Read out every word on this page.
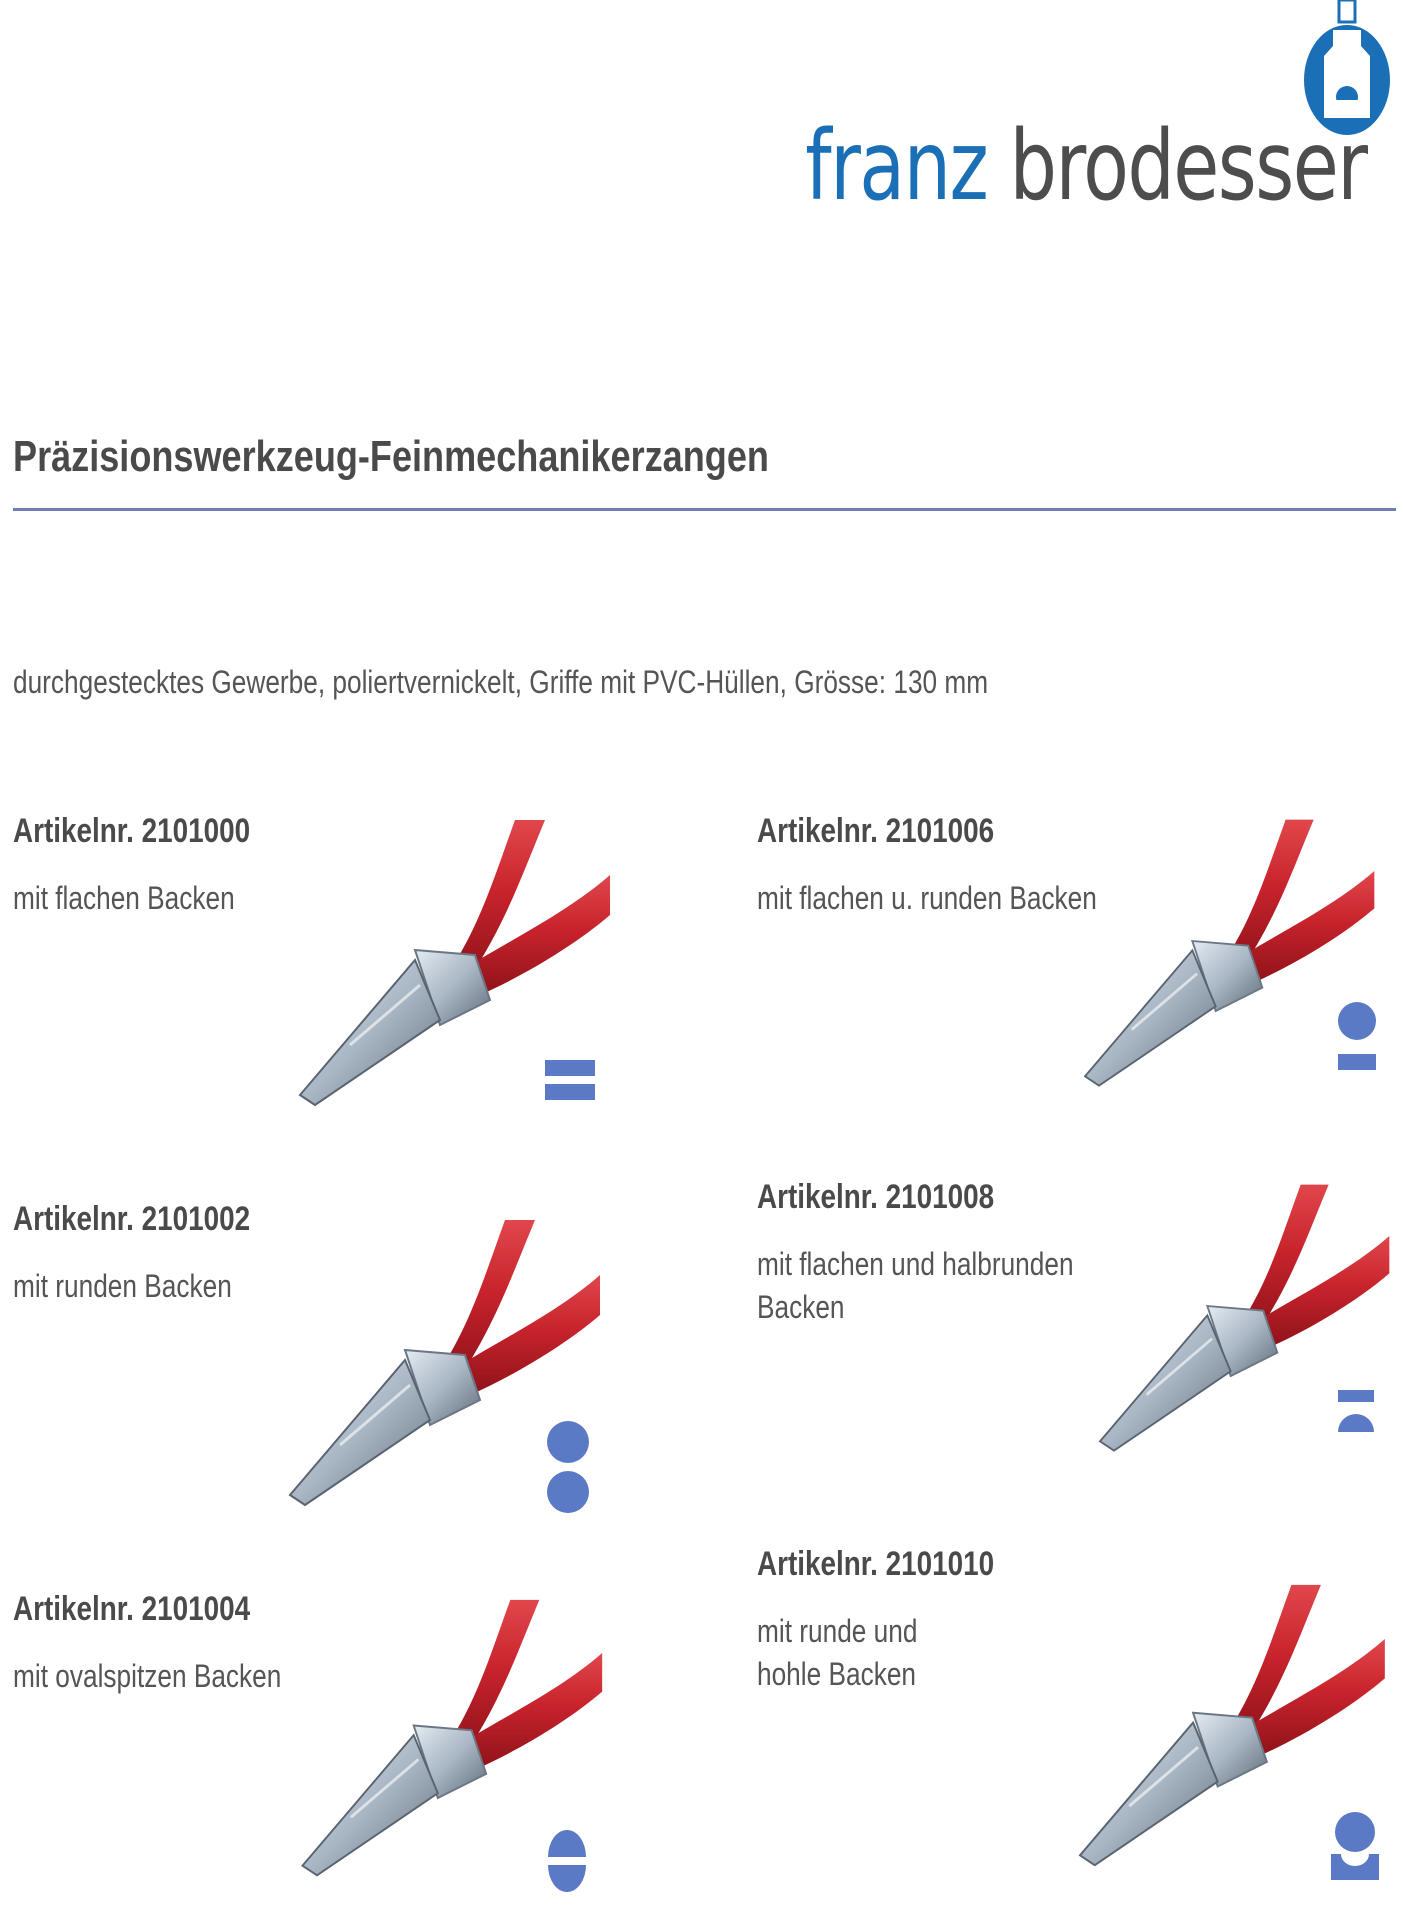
franz brodesser
Präzisionswerkzeug-Feinmechanikerzangen

durchgestecktes Gewerbe, poliertvernickelt, Griffe mit PVC-Hüllen, Grösse: 130 mm

Artikelnr. 2101000
mit flachen Backen
Artikelnr. 2101006
mit flachen u. runden Backen
Artikelnr. 2101002
mit runden Backen
Artikelnr. 2101008
mit flachen und halbrunden
Backen
Artikelnr. 2101004
mit ovalspitzen Backen
Artikelnr. 2101010
mit runde und
hohle Backen
